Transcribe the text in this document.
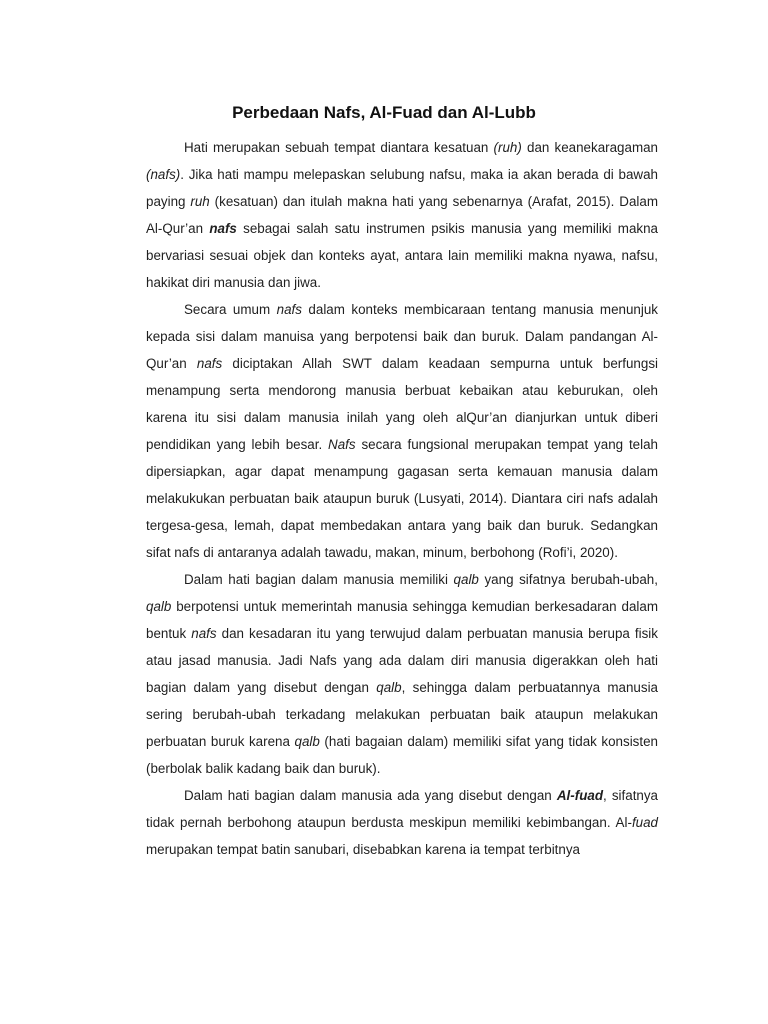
Perbedaan Nafs, Al-Fuad dan Al-Lubb

Hati merupakan sebuah tempat diantara kesatuan (ruh) dan keanekaragaman (nafs). Jika hati mampu melepaskan selubung nafsu, maka ia akan berada di bawah paying ruh (kesatuan) dan itulah makna hati yang sebenarnya (Arafat, 2015). Dalam Al-Qur’an nafs sebagai salah satu instrumen psikis manusia yang memiliki makna bervariasi sesuai objek dan konteks ayat, antara lain memiliki makna nyawa, nafsu, hakikat diri manusia dan jiwa.

Secara umum nafs dalam konteks membicaraan tentang manusia menunjuk kepada sisi dalam manuisa yang berpotensi baik dan buruk. Dalam pandangan Al-Qur’an nafs diciptakan Allah SWT dalam keadaan sempurna untuk berfungsi menampung serta mendorong manusia berbuat kebaikan atau keburukan, oleh karena itu sisi dalam manusia inilah yang oleh alQur’an dianjurkan untuk diberi pendidikan yang lebih besar. Nafs secara fungsional merupakan tempat yang telah dipersiapkan, agar dapat menampung gagasan serta kemauan manusia dalam melakukukan perbuatan baik ataupun buruk (Lusyati, 2014). Diantara ciri nafs adalah tergesa-gesa, lemah, dapat membedakan antara yang baik dan buruk. Sedangkan sifat nafs di antaranya adalah tawadu, makan, minum, berbohong (Rofi’i, 2020).

Dalam hati bagian dalam manusia memiliki qalb yang sifatnya berubah-ubah, qalb berpotensi untuk memerintah manusia sehingga kemudian berkesadaran dalam bentuk nafs dan kesadaran itu yang terwujud dalam perbuatan manusia berupa fisik atau jasad manusia. Jadi Nafs yang ada dalam diri manusia digerakkan oleh hati bagian dalam yang disebut dengan qalb, sehingga dalam perbuatannya manusia sering berubah-ubah terkadang melakukan perbuatan baik ataupun melakukan perbuatan buruk karena qalb (hati bagaian dalam) memiliki sifat yang tidak konsisten (berbolak balik kadang baik dan buruk).

Dalam hati bagian dalam manusia ada yang disebut dengan Al-fuad, sifatnya tidak pernah berbohong ataupun berdusta meskipun memiliki kebimbangan. Al-fuad merupakan tempat batin sanubari, disebabkan karena ia tempat terbitnya
